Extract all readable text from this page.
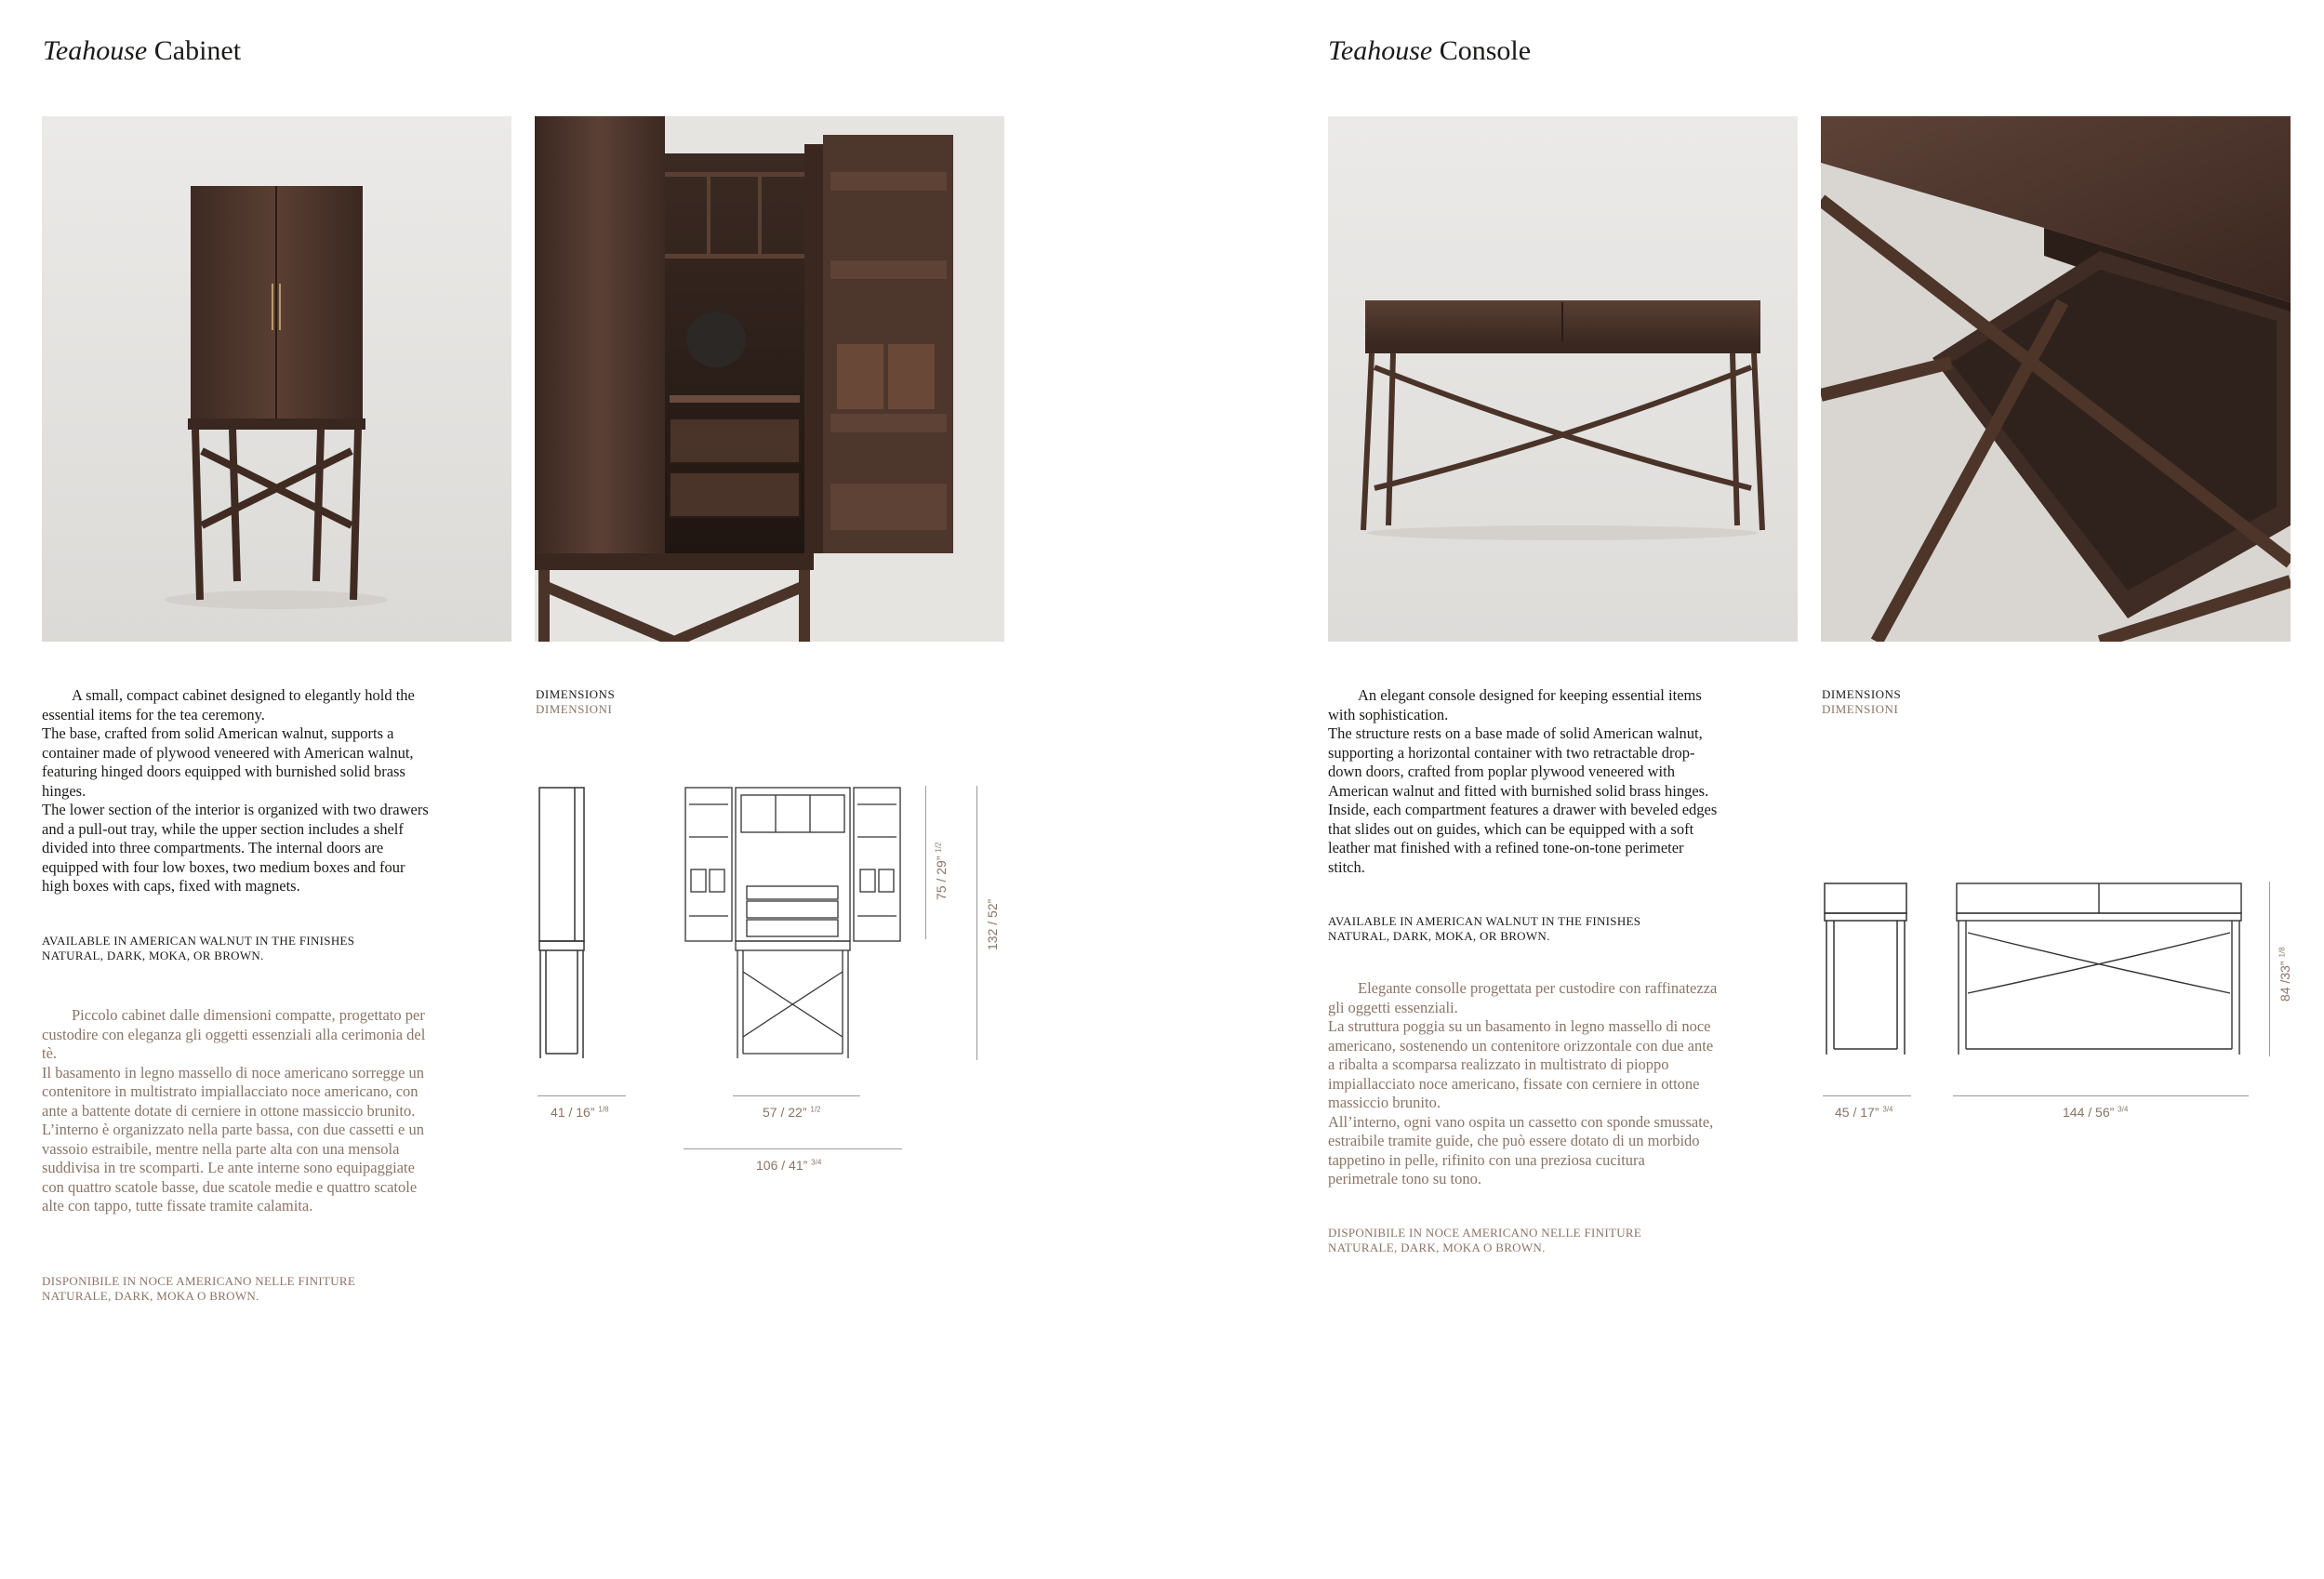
Teahouse Cabinet

A small, compact cabinet designed to elegantly hold the essential items for the tea ceremony.

The base, crafted from solid American walnut, supports a container made of plywood veneered with American walnut, featuring hinged doors equipped with burnished solid brass hinges.

The lower section of the interior is organized with two drawers and a pull-out tray, while the upper section includes a shelf divided into three compartments. The internal doors are equipped with four low boxes, two medium boxes and four high boxes with caps, fixed with magnets.

AVAILABLE IN AMERICAN WALNUT IN THE FINISHES
NATURAL, DARK, MOKA, OR BROWN.

Piccolo cabinet dalle dimensioni compatte, progettato per custodire con eleganza gli oggetti essenziali alla cerimonia del tè.

Il basamento in legno massello di noce americano sorregge un contenitore in multistrato impiallacciato noce americano, con ante a battente dotate di cerniere in ottone massiccio brunito.

L’interno è organizzato nella parte bassa, con due cassetti e un vassoio estraibile, mentre nella parte alta con una mensola suddivisa in tre scomparti. Le ante interne sono equipaggiate con quattro scatole basse, due scatole medie e quattro scatole alte con tappo, tutte fissate tramite calamita.

DISPONIBILE IN NOCE AMERICANO NELLE FINITURE
NATURALE, DARK, MOKA O BROWN.
DIMENSIONS
DIMENSIONI
41 / 16” $^{1/8}$	57 / 22” $^{1/2}$
106 / 41” $^{3/4}$
75 / 29” $^{1/2}$
132 / 52”
Teahouse Console

An elegant console designed for keeping essential items with sophistication.

The structure rests on a base made of solid American walnut, supporting a horizontal container with two retractable drop-down doors, crafted from poplar plywood veneered with American walnut and fitted with burnished solid brass hinges.

Inside, each compartment features a drawer with beveled edges that slides out on guides, which can be equipped with a soft leather mat finished with a refined tone-on-tone perimeter stitch.

AVAILABLE IN AMERICAN WALNUT IN THE FINISHES
NATURAL, DARK, MOKA, OR BROWN.

Elegante consolle progettata per custodire con raffinatezza gli oggetti essenziali.

La struttura poggia su un basamento in legno massello di noce americano, sostenendo un contenitore orizzontale con due ante a ribalta a scomparsa realizzato in multistrato di pioppo impiallacciato noce americano, fissate con cerniere in ottone massiccio brunito.

All’interno, ogni vano ospita un cassetto con sponde smussate, estraibile tramite guide, che può essere dotato di un morbido tappetino in pelle, rifinito con una preziosa cucitura perimetrale tono su tono.

DISPONIBILE IN NOCE AMERICANO NELLE FINITURE
NATURALE, DARK, MOKA O BROWN.
DIMENSIONS
DIMENSIONI
45 / 17” $^{3/4}$	144 / 56” $^{3/4}$
84 /33” $^{1/8}$
